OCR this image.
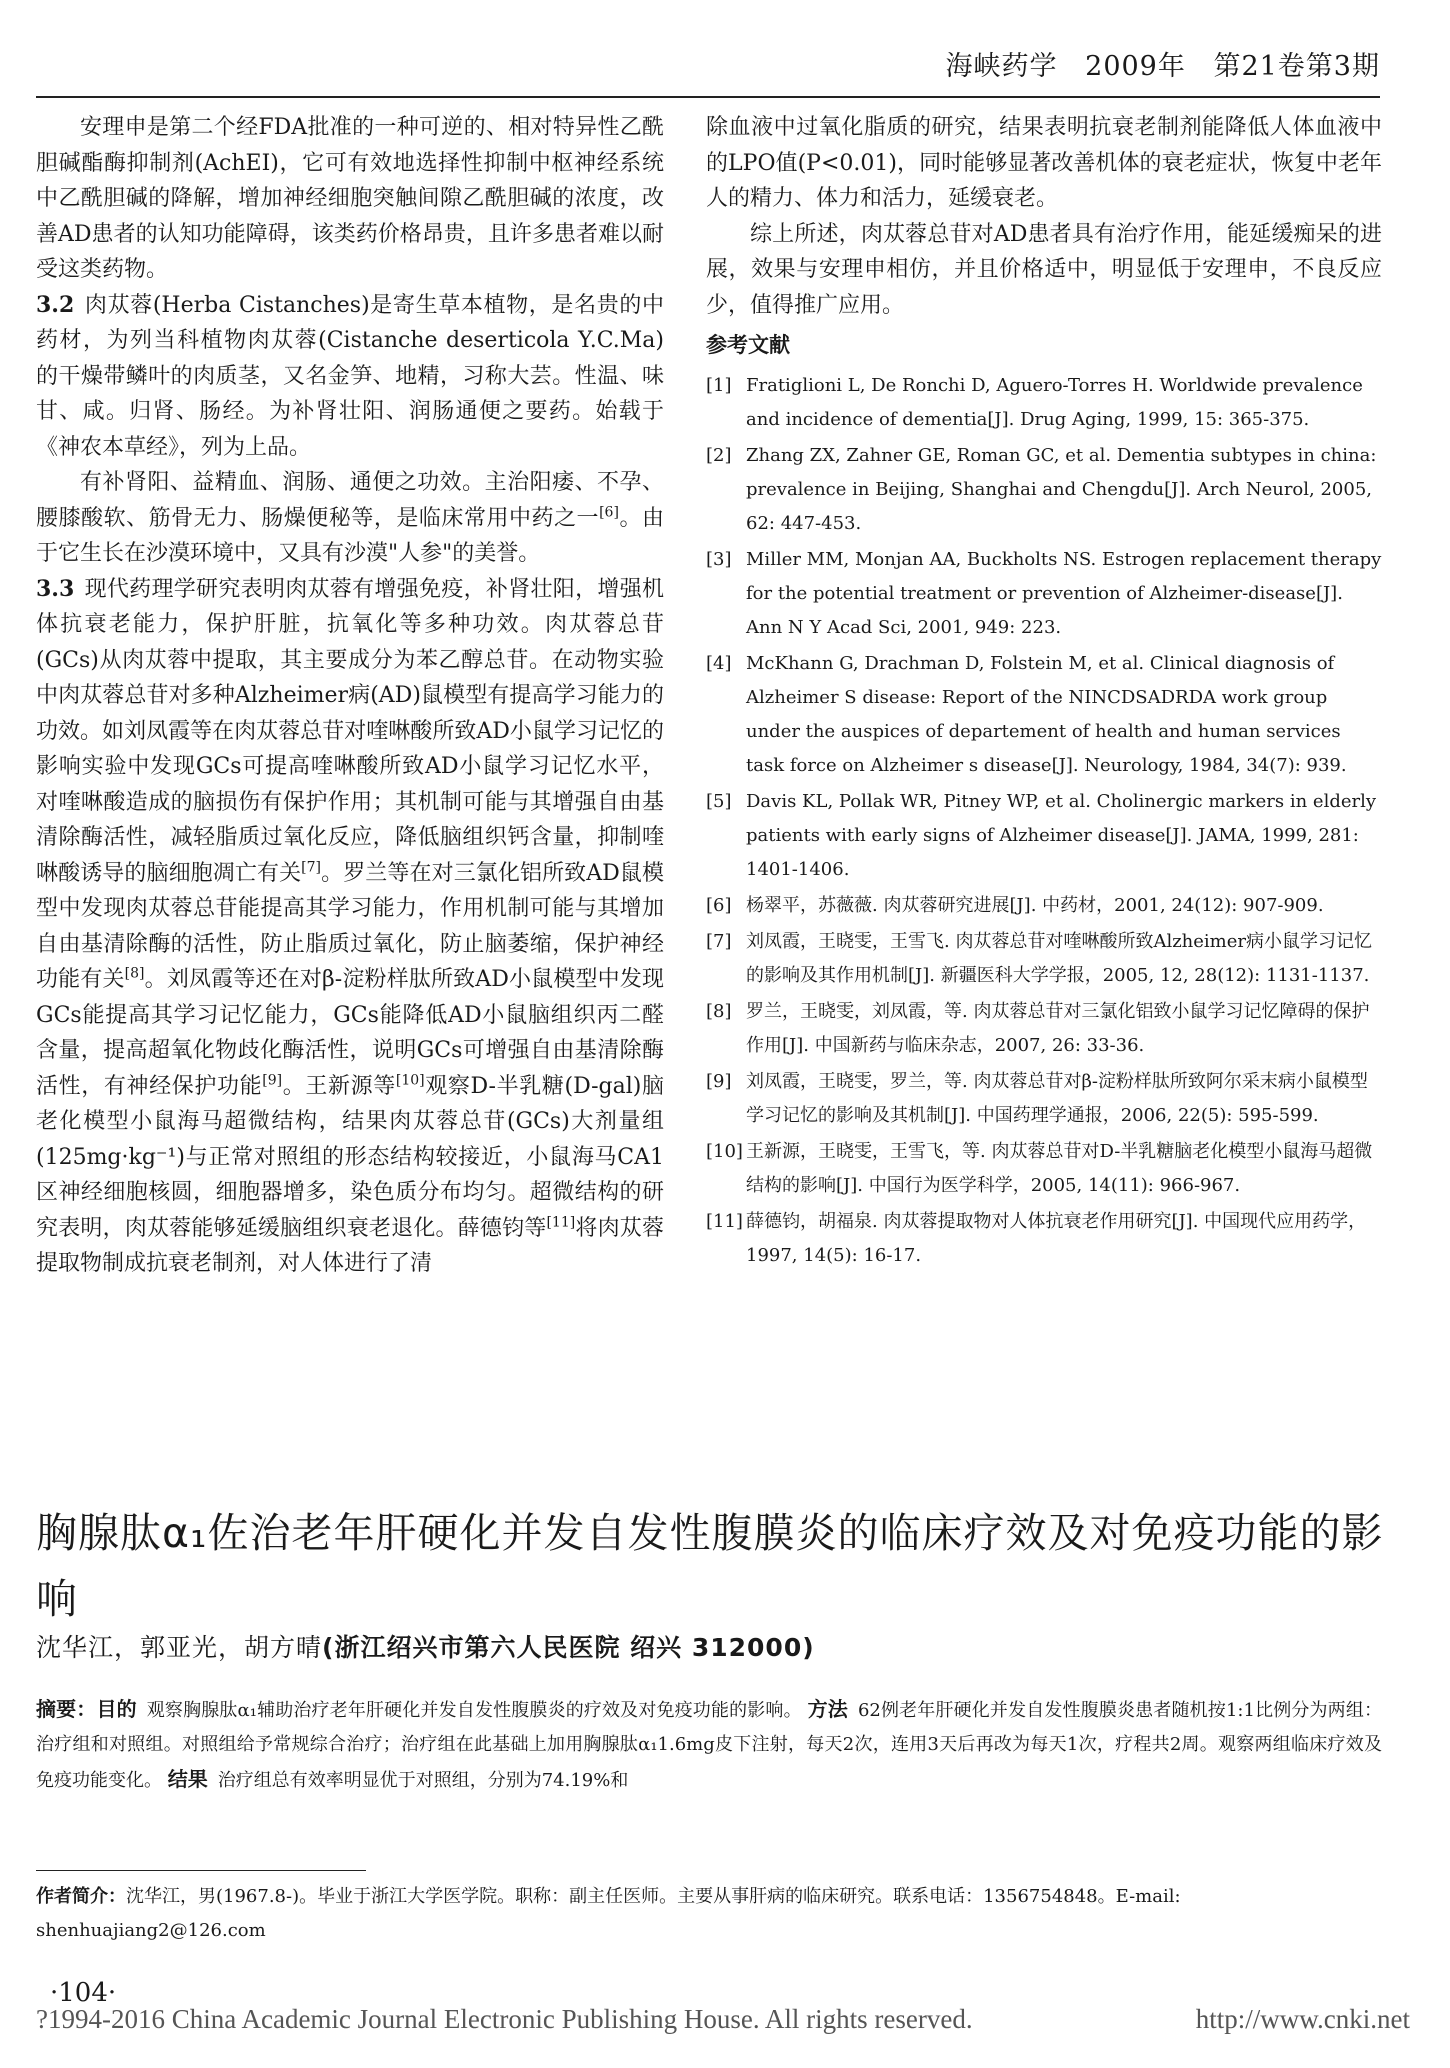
海峡药学 2009年 第21卷第3期

安理申是第二个经FDA批准的一种可逆的、相对特异性乙酰胆碱酯酶抑制剂(AchEI)，它可有效地选择性抑制中枢神经系统中乙酰胆碱的降解，增加神经细胞突触间隙乙酰胆碱的浓度，改善AD患者的认知功能障碍，该类药价格昂贵，且许多患者难以耐受这类药物。

3.2 肉苁蓉(Herba Cistanches)是寄生草本植物，是名贵的中药材，为列当科植物肉苁蓉(Cistanche deserticola Y.C.Ma)的干燥带鳞叶的肉质茎，又名金笋、地精，习称大芸。性温、味甘、咸。归肾、肠经。为补肾壮阳、润肠通便之要药。始载于《神农本草经》，列为上品。

有补肾阳、益精血、润肠、通便之功效。主治阳痿、不孕、腰膝酸软、筋骨无力、肠燥便秘等，是临床常用中药之一[6]。由于它生长在沙漠环境中，又具有沙漠"人参"的美誉。

3.3 现代药理学研究表明肉苁蓉有增强免疫，补肾壮阳，增强机体抗衰老能力，保护肝脏，抗氧化等多种功效。肉苁蓉总苷(GCs)从肉苁蓉中提取，其主要成分为苯乙醇总苷。在动物实验中肉苁蓉总苷对多种Alzheimer病(AD)鼠模型有提高学习能力的功效。如刘凤霞等在肉苁蓉总苷对喹啉酸所致AD小鼠学习记忆的影响实验中发现GCs可提高喹啉酸所致AD小鼠学习记忆水平，对喹啉酸造成的脑损伤有保护作用；其机制可能与其增强自由基清除酶活性，减轻脂质过氧化反应，降低脑组织钙含量，抑制喹啉酸诱导的脑细胞凋亡有关[7]。罗兰等在对三氯化铝所致AD鼠模型中发现肉苁蓉总苷能提高其学习能力，作用机制可能与其增加自由基清除酶的活性，防止脂质过氧化，防止脑萎缩，保护神经功能有关[8]。刘凤霞等还在对β-淀粉样肽所致AD小鼠模型中发现GCs能提高其学习记忆能力，GCs能降低AD小鼠脑组织丙二醛含量，提高超氧化物歧化酶活性，说明GCs可增强自由基清除酶活性，有神经保护功能[9]。王新源等[10]观察D-半乳糖(D-gal)脑老化模型小鼠海马超微结构，结果肉苁蓉总苷(GCs)大剂量组(125mg·kg⁻¹)与正常对照组的形态结构较接近，小鼠海马CA1区神经细胞核圆，细胞器增多，染色质分布均匀。超微结构的研究表明，肉苁蓉能够延缓脑组织衰老退化。薛德钧等[11]将肉苁蓉提取物制成抗衰老制剂，对人体进行了清

除血液中过氧化脂质的研究，结果表明抗衰老制剂能降低人体血液中的LPO值(P<0.01)，同时能够显著改善机体的衰老症状，恢复中老年人的精力、体力和活力，延缓衰老。

综上所述，肉苁蓉总苷对AD患者具有治疗作用，能延缓痴呆的进展，效果与安理申相仿，并且价格适中，明显低于安理申，不良反应少，值得推广应用。

参考文献
[1] Fratiglioni L, De Ronchi D, Aguero-Torres H. Worldwide prevalence and incidence of dementia[J]. Drug Aging, 1999, 15: 365-375.
[2] Zhang ZX, Zahner GE, Roman GC, et al. Dementia subtypes in china: prevalence in Beijing, Shanghai and Chengdu[J]. Arch Neurol, 2005, 62: 447-453.
[3] Miller MM, Monjan AA, Buckholts NS. Estrogen replacement therapy for the potential treatment or prevention of Alzheimer-disease[J]. Ann N Y Acad Sci, 2001, 949: 223.
[4] McKhann G, Drachman D, Folstein M, et al. Clinical diagnosis of Alzheimer S disease: Report of the NINCDSADRDA work group under the auspices of departement of health and human services task force on Alzheimer s disease[J]. Neurology, 1984, 34(7): 939.
[5] Davis KL, Pollak WR, Pitney WP, et al. Cholinergic markers in elderly patients with early signs of Alzheimer disease[J]. JAMA, 1999, 281: 1401-1406.
[6] 杨翠平，苏薇薇. 肉苁蓉研究进展[J]. 中药材，2001, 24(12): 907-909.
[7] 刘凤霞，王晓雯，王雪飞. 肉苁蓉总苷对喹啉酸所致Alzheimer病小鼠学习记忆的影响及其作用机制[J]. 新疆医科大学学报，2005, 12, 28(12): 1131-1137.
[8] 罗兰，王晓雯，刘凤霞，等. 肉苁蓉总苷对三氯化铝致小鼠学习记忆障碍的保护作用[J]. 中国新药与临床杂志，2007, 26: 33-36.
[9] 刘凤霞，王晓雯，罗兰，等. 肉苁蓉总苷对β-淀粉样肽所致阿尔采末病小鼠模型学习记忆的影响及其机制[J]. 中国药理学通报，2006, 22(5): 595-599.
[10] 王新源，王晓雯，王雪飞，等. 肉苁蓉总苷对D-半乳糖脑老化模型小鼠海马超微结构的影响[J]. 中国行为医学科学，2005, 14(11): 966-967.
[11] 薛德钧，胡福泉. 肉苁蓉提取物对人体抗衰老作用研究[J]. 中国现代应用药学，1997, 14(5): 16-17.
胸腺肽α₁佐治老年肝硬化并发自发性腹膜炎的临床疗效及对免疫功能的影响
沈华江，郭亚光，胡方晴(浙江绍兴市第六人民医院 绍兴 312000)
摘要：目的 观察胸腺肽α₁辅助治疗老年肝硬化并发自发性腹膜炎的疗效及对免疫功能的影响。 方法 62例老年肝硬化并发自发性腹膜炎患者随机按1:1比例分为两组：治疗组和对照组。对照组给予常规综合治疗；治疗组在此基础上加用胸腺肽α₁1.6mg皮下注射，每天2次，连用3天后再改为每天1次，疗程共2周。观察两组临床疗效及免疫功能变化。 结果 治疗组总有效率明显优于对照组，分别为74.19%和
作者简介：沈华江，男(1967.8-)。毕业于浙江大学医学院。职称：副主任医师。主要从事肝病的临床研究。联系电话：1356754848。E-mail: shenhuajiang2@126.com
·104·
?1994-2016 China Academic Journal Electronic Publishing House. All rights reserved.	http://www.cnki.net
